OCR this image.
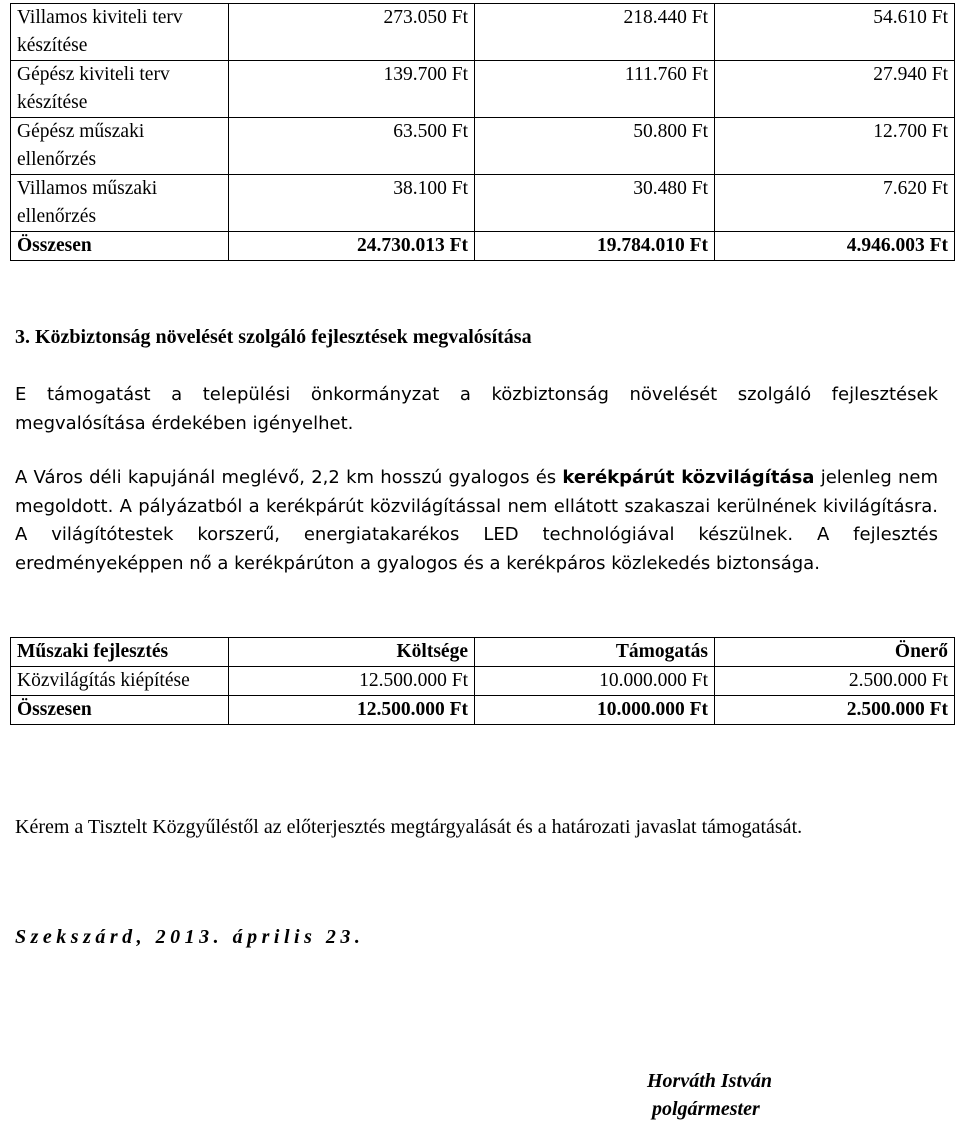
Villamos kiviteli terv készítése	273.050 Ft	218.440 Ft	54.610 Ft
Gépész kiviteli terv készítése	139.700 Ft	111.760 Ft	27.940 Ft
Gépész műszaki ellenőrzés	63.500 Ft	50.800 Ft	12.700 Ft
Villamos műszaki ellenőrzés	38.100 Ft	30.480 Ft	7.620 Ft
Összesen	24.730.013 Ft	19.784.010 Ft	4.946.003 Ft
3. Közbiztonság növelését szolgáló fejlesztések megvalósítása

E támogatást a települési önkormányzat a közbiztonság növelését szolgáló fejlesztések megvalósítása érdekében igényelhet.

A Város déli kapujánál meglévő, 2,2 km hosszú gyalogos és kerékpárút közvilágítása jelenleg nem megoldott. A pályázatból a kerékpárút közvilágítással nem ellátott szakaszai kerülnének kivilágításra. A világítótestek korszerű, energiatakarékos LED technológiával készülnek. A fejlesztés eredményeképpen nő a kerékpárúton a gyalogos és a kerékpáros közlekedés biztonsága.

Műszaki fejlesztés	Költsége	Támogatás	Önerő
Közvilágítás kiépítése	12.500.000 Ft	10.000.000 Ft	2.500.000 Ft
Összesen	12.500.000 Ft	10.000.000 Ft	2.500.000 Ft

Kérem a Tisztelt Közgyűléstől az előterjesztés megtárgyalását és a határozati javaslat támogatását.

Szekszárd, 2013. április 23.

Horváth István

polgármester
